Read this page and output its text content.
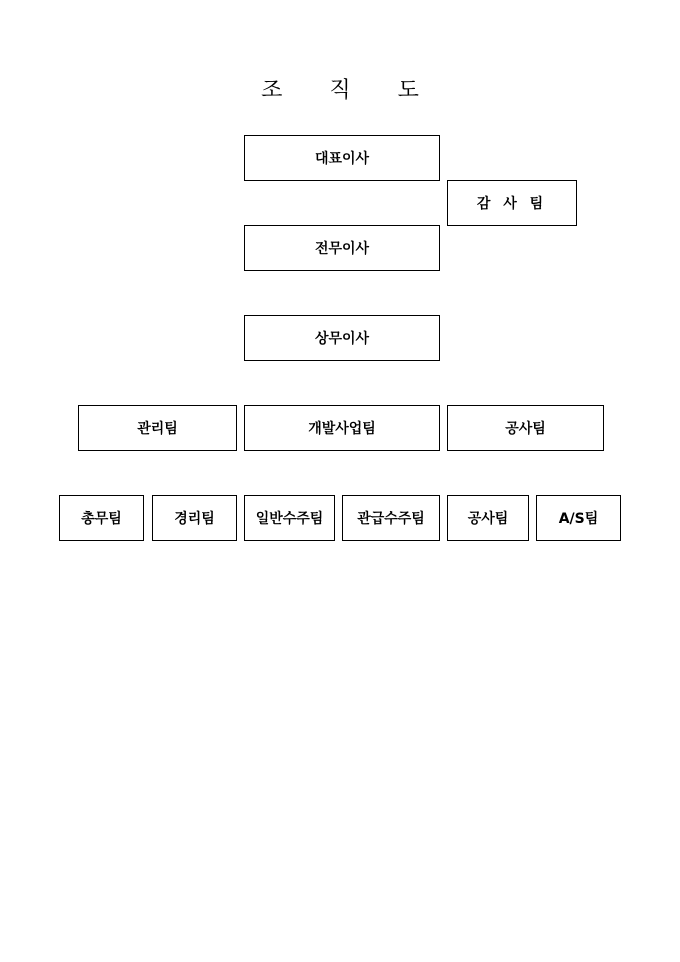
조 직 도
대표이사
감 사 팀
전무이사
상무이사
관리팀	개발사업팀	공사팀
총무팀	경리팀	일반수주팀	관급수주팀	공사팀	A/S팀
